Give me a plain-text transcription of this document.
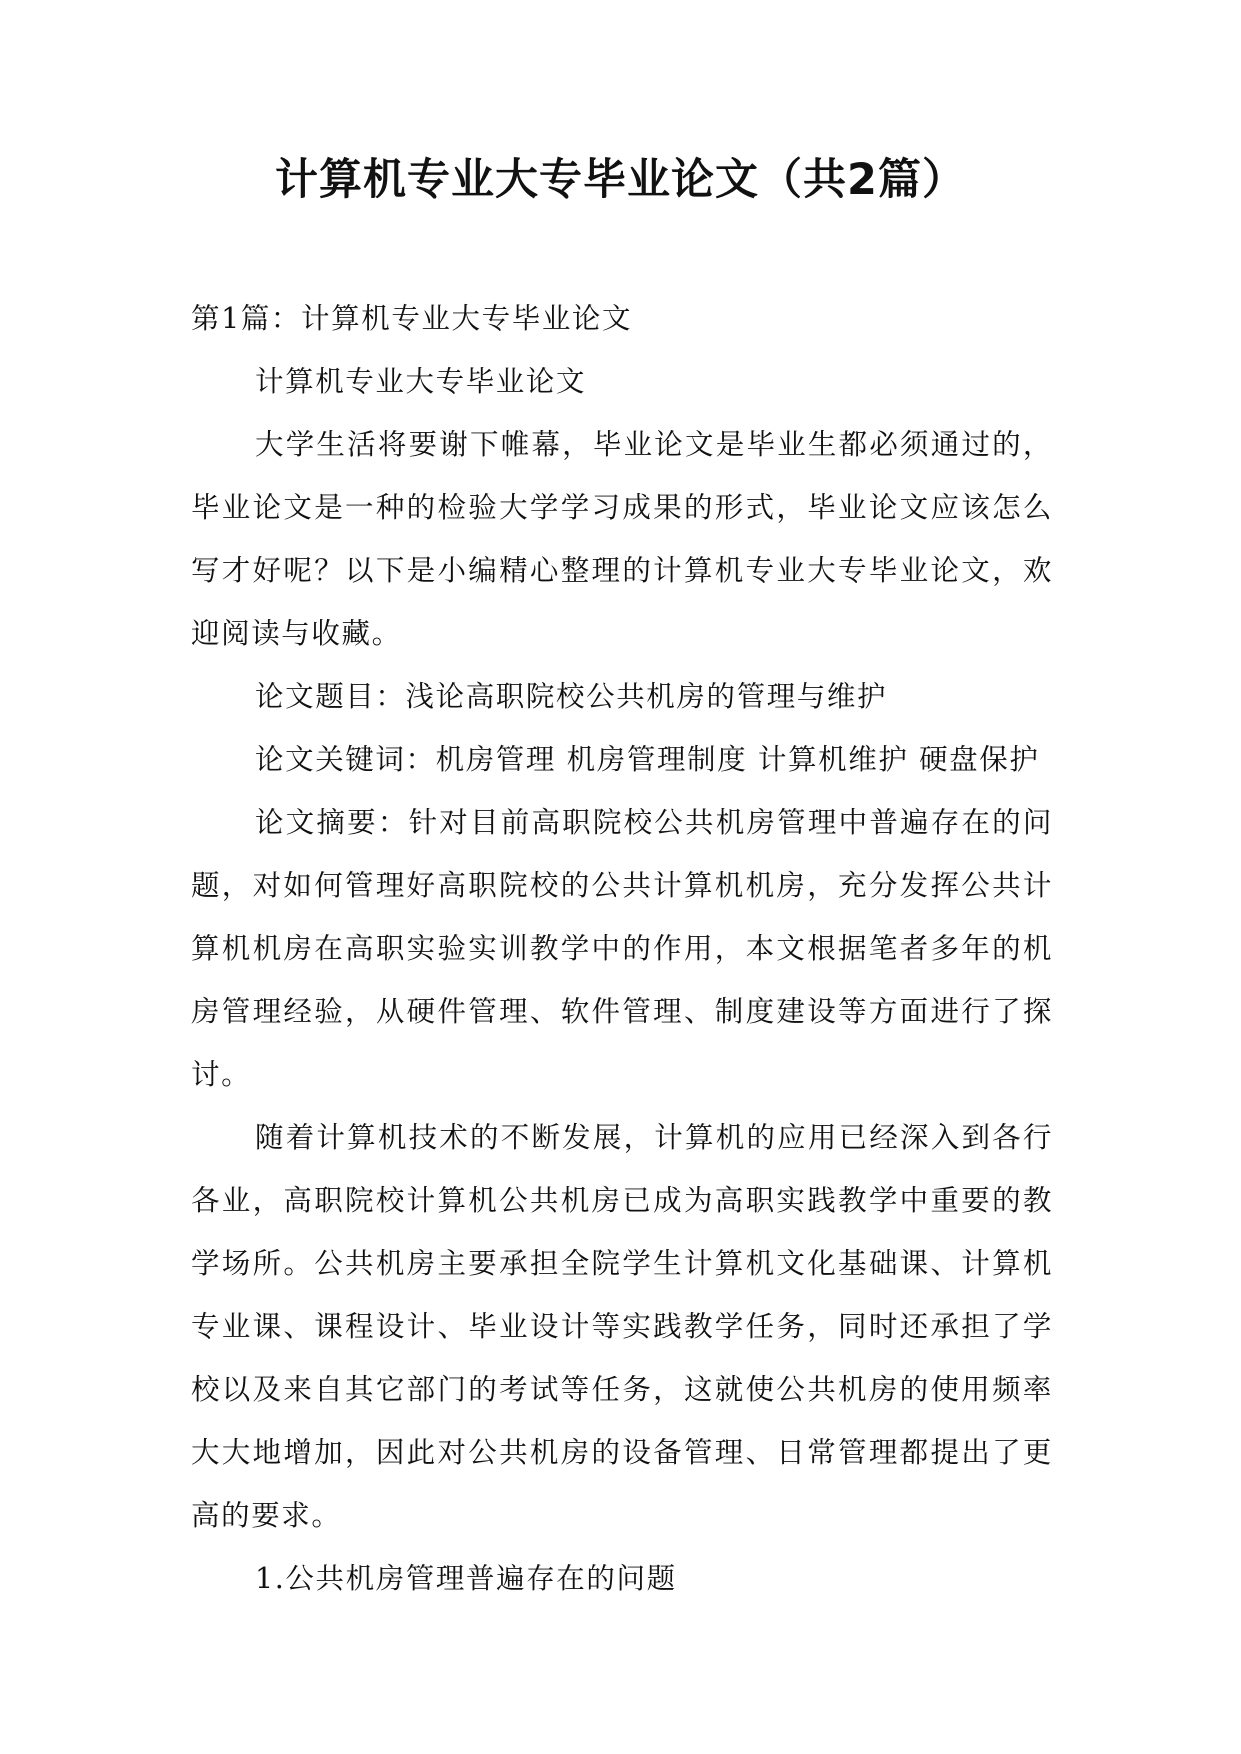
计算机专业大专毕业论文（共2篇）

第1篇：计算机专业大专毕业论文

计算机专业大专毕业论文

大学生活将要谢下帷幕，毕业论文是毕业生都必须通过的，毕业论文是一种的检验大学学习成果的形式，毕业论文应该怎么写才好呢？以下是小编精心整理的计算机专业大专毕业论文，欢迎阅读与收藏。

论文题目：浅论高职院校公共机房的管理与维护

论文关键词：机房管理 机房管理制度 计算机维护 硬盘保护

论文摘要：针对目前高职院校公共机房管理中普遍存在的问题，对如何管理好高职院校的公共计算机机房，充分发挥公共计算机机房在高职实验实训教学中的作用，本文根据笔者多年的机房管理经验，从硬件管理、软件管理、制度建设等方面进行了探讨。

随着计算机技术的不断发展，计算机的应用已经深入到各行各业，高职院校计算机公共机房已成为高职实践教学中重要的教学场所。公共机房主要承担全院学生计算机文化基础课、计算机专业课、课程设计、毕业设计等实践教学任务，同时还承担了学校以及来自其它部门的考试等任务，这就使公共机房的使用频率大大地增加，因此对公共机房的设备管理、日常管理都提出了更高的要求。

1.公共机房管理普遍存在的问题
